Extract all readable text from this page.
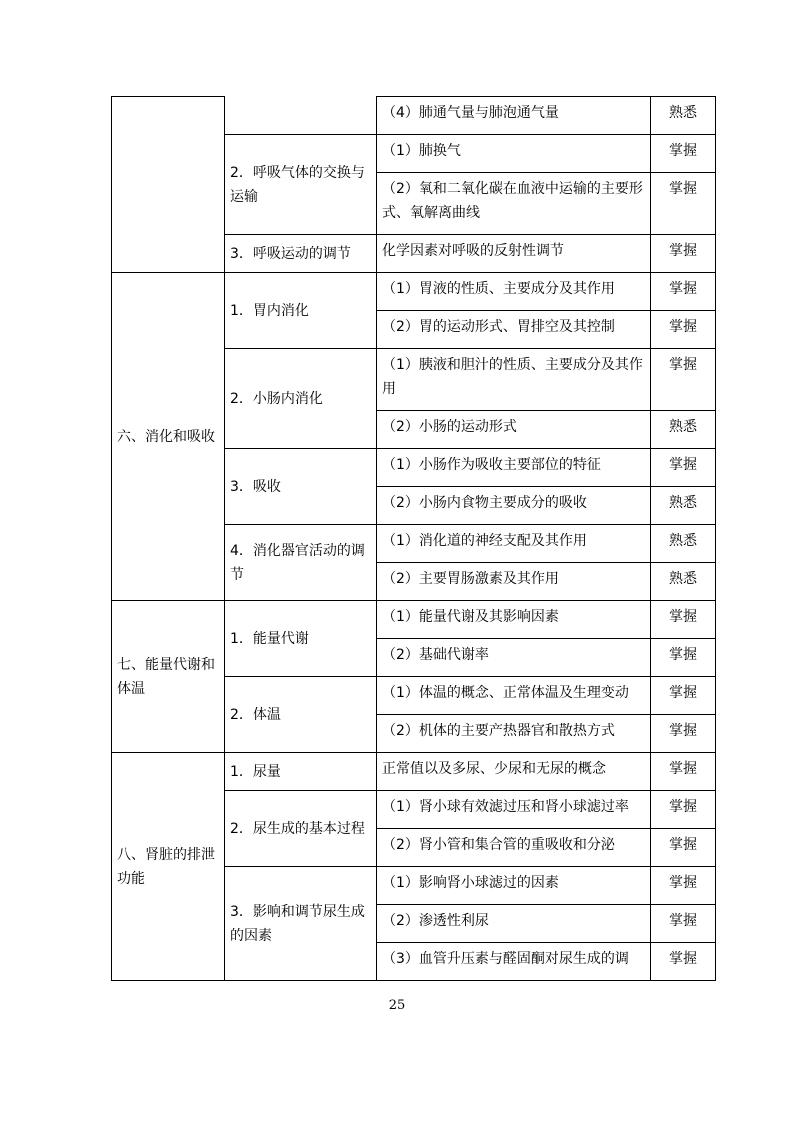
		（4）肺通气量与肺泡通气量	熟悉
	2．呼吸气体的交换与运输	（1）肺换气	掌握
		（2）氧和二氧化碳在血液中运输的主要形式、氧解离曲线	掌握
	3．呼吸运动的调节	化学因素对呼吸的反射性调节	掌握
六、消化和吸收	1．胃内消化	（1）胃液的性质、主要成分及其作用	掌握
		（2）胃的运动形式、胃排空及其控制	掌握
	2．小肠内消化	（1）胰液和胆汁的性质、主要成分及其作用	掌握
		（2）小肠的运动形式	熟悉
	3．吸收	（1）小肠作为吸收主要部位的特征	掌握
		（2）小肠内食物主要成分的吸收	熟悉
	4．消化器官活动的调节	（1）消化道的神经支配及其作用	熟悉
		（2）主要胃肠激素及其作用	熟悉
七、能量代谢和体温	1．能量代谢	（1）能量代谢及其影响因素	掌握
		（2）基础代谢率	掌握
	2．体温	（1）体温的概念、正常体温及生理变动	掌握
		（2）机体的主要产热器官和散热方式	掌握
八、肾脏的排泄功能	1．尿量	正常值以及多尿、少尿和无尿的概念	掌握
	2．尿生成的基本过程	（1）肾小球有效滤过压和肾小球滤过率	掌握
		（2）肾小管和集合管的重吸收和分泌	掌握
	3．影响和调节尿生成的因素	（1）影响肾小球滤过的因素	掌握
		（2）渗透性利尿	掌握
		（3）血管升压素与醛固酮对尿生成的调	掌握
25
